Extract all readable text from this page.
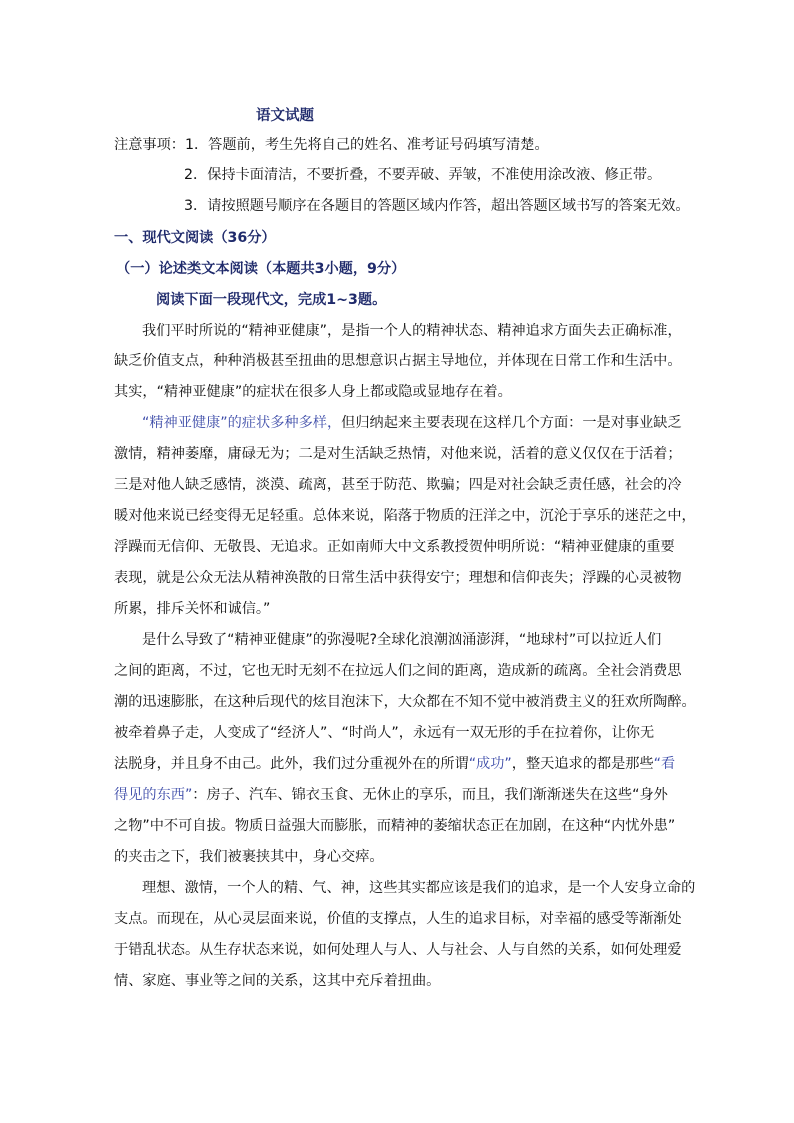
语文试题
注意事项：1．答题前，考生先将自己的姓名、准考证号码填写清楚。
2．保持卡面清洁，不要折叠，不要弄破、弄皱，不准使用涂改液、修正带。
3．请按照题号顺序在各题目的答题区域内作答，超出答题区域书写的答案无效。
一、现代文阅读（36分）
（一）论述类文本阅读（本题共3小题，9分）
阅读下面一段现代文，完成1~3题。
我们平时所说的“精神亚健康”，是指一个人的精神状态、精神追求方面失去正确标准，
缺乏价值支点，种种消极甚至扭曲的思想意识占据主导地位，并体现在日常工作和生活中。
其实，“精神亚健康”的症状在很多人身上都或隐或显地存在着。
“精神亚健康”的症状多种多样，但归纳起来主要表现在这样几个方面：一是对事业缺乏
激情，精神萎靡，庸碌无为；二是对生活缺乏热情，对他来说，活着的意义仅仅在于活着；
三是对他人缺乏感情，淡漠、疏离，甚至于防范、欺骗；四是对社会缺乏责任感，社会的冷
暖对他来说已经变得无足轻重。总体来说，陷落于物质的汪洋之中，沉沦于享乐的迷茫之中，
浮躁而无信仰、无敬畏、无追求。正如南师大中文系教授贺仲明所说：“精神亚健康的重要
表现，就是公众无法从精神涣散的日常生活中获得安宁；理想和信仰丧失；浮躁的心灵被物
所累，排斥关怀和诚信。”
是什么导致了“精神亚健康”的弥漫呢?全球化浪潮汹涌澎湃，“地球村”可以拉近人们
之间的距离，不过，它也无时无刻不在拉远人们之间的距离，造成新的疏离。全社会消费思
潮的迅速膨胀，在这种后现代的炫目泡沫下，大众都在不知不觉中被消费主义的狂欢所陶醉。
被牵着鼻子走，人变成了“经济人”、“时尚人”，永远有一双无形的手在拉着你，让你无
法脱身，并且身不由己。此外，我们过分重视外在的所谓“成功”，整天追求的都是那些“看
得见的东西”：房子、汽车、锦衣玉食、无休止的享乐，而且，我们渐渐迷失在这些“身外
之物”中不可自拔。物质日益强大而膨胀，而精神的萎缩状态正在加剧，在这种“内忧外患”
的夹击之下，我们被裹挟其中，身心交瘁。
理想、激情，一个人的精、气、神，这些其实都应该是我们的追求，是一个人安身立命的
支点。而现在，从心灵层面来说，价值的支撑点，人生的追求目标，对幸福的感受等渐渐处
于错乱状态。从生存状态来说，如何处理人与人、人与社会、人与自然的关系，如何处理爱
情、家庭、事业等之间的关系，这其中充斥着扭曲。
